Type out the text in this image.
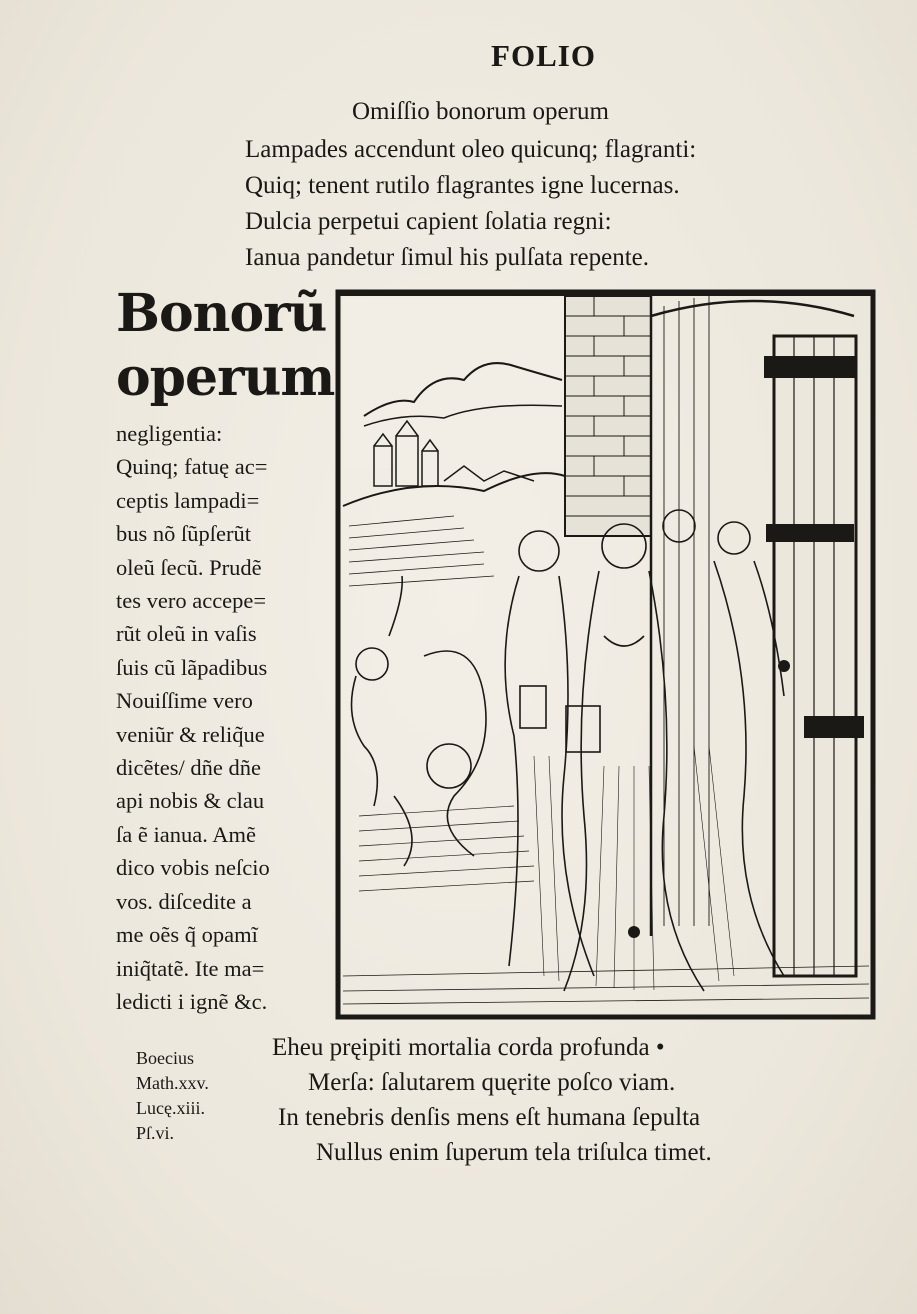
FOLIO
Omiſſio bonorum operum
Lampades accendunt oleo quicunq; flagranti:
Quiq; tenent rutilo flagrantes igne lucernas.
Dulcia perpetui capient ſolatia regni:
Ianua pandetur ſimul his pulſata repente.
Bonorũ
operum
negligentia:
Quinq; fatuę ac=
ceptis lampadi=
bus nõ ſũpſerũt
oleũ ſecũ. Prudẽ
tes vero accepe=
rũt oleũ in vaſis
ſuis cũ lãpadibus
Nouiſſime vero
veniũr & reliq̃ue
dicẽtes/ dñe dñe
api nobis & clau
ſa ẽ ianua. Amẽ
dico vobis neſcio
vos. diſcedite a
me oẽs q̃ opamĩ
iniq̃tatẽ. Ite ma=
ledicti i ignẽ &c.
Boecius
Math.xxv.
Lucę.xiii.
Pſ.vi.
Eheu pręipiti mortalia corda profunda •
Merſa: ſalutarem quęrite poſco viam.
In tenebris denſis mens eſt humana ſepulta
Nullus enim ſuperum tela triſulca timet.
